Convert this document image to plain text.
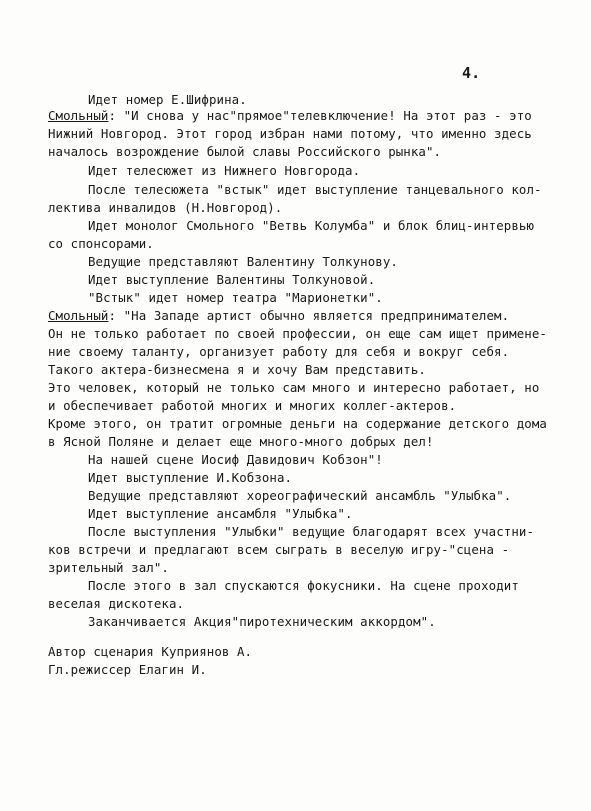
4.
Идет номер Е.Шифрина.
Смольный: "И снова у нас"прямое"телевключение! На этот раз - это
Нижний Новгород. Этот город избран нами потому, что именно здесь
началось возрождение былой славы Российского рынка".
Идет телесюжет из Нижнего Новгорода.
После телесюжета "встык" идет выступление танцевального кол-
лектива инвалидов (Н.Новгород).
Идет монолог Смольного "Ветвь Колумба" и блок блиц-интервью
со спонсорами.
Ведущие представляют Валентину Толкунову.
Идет выступление Валентины Толкуновой.
"Встык" идет номер театра "Марионетки".
Смольный: "На Западе артист обычно является предпринимателем.
Он не только работает по своей профессии, он еще сам ищет примене-
ние своему таланту, организует работу для себя и вокруг себя.
Такого актера-бизнесмена я и хочу Вам представить.
Это человек, который не только сам много и интересно работает, но
и обеспечивает работой многих и многих коллег-актеров.
Кроме этого, он тратит огромные деньги на содержание детского дома
в Ясной Поляне и делает еще много-много добрых дел!
На нашей сцене Иосиф Давидович Кобзон"!
Идет выступление И.Кобзона.
Ведущие представляют хореографический ансамбль "Улыбка".
Идет выступление ансамбля "Улыбка".
После выступления "Улыбки" ведущие благодарят всех участни-
ков встречи и предлагают всем сыграть в веселую игру-"сцена -
зрительный зал".
После этого в зал спускаются фокусники. На сцене проходит
веселая дискотека.
Заканчивается Акция"пиротехническим аккордом".
Автор сценария Куприянов А.
Гл.режиссер Елагин И.
